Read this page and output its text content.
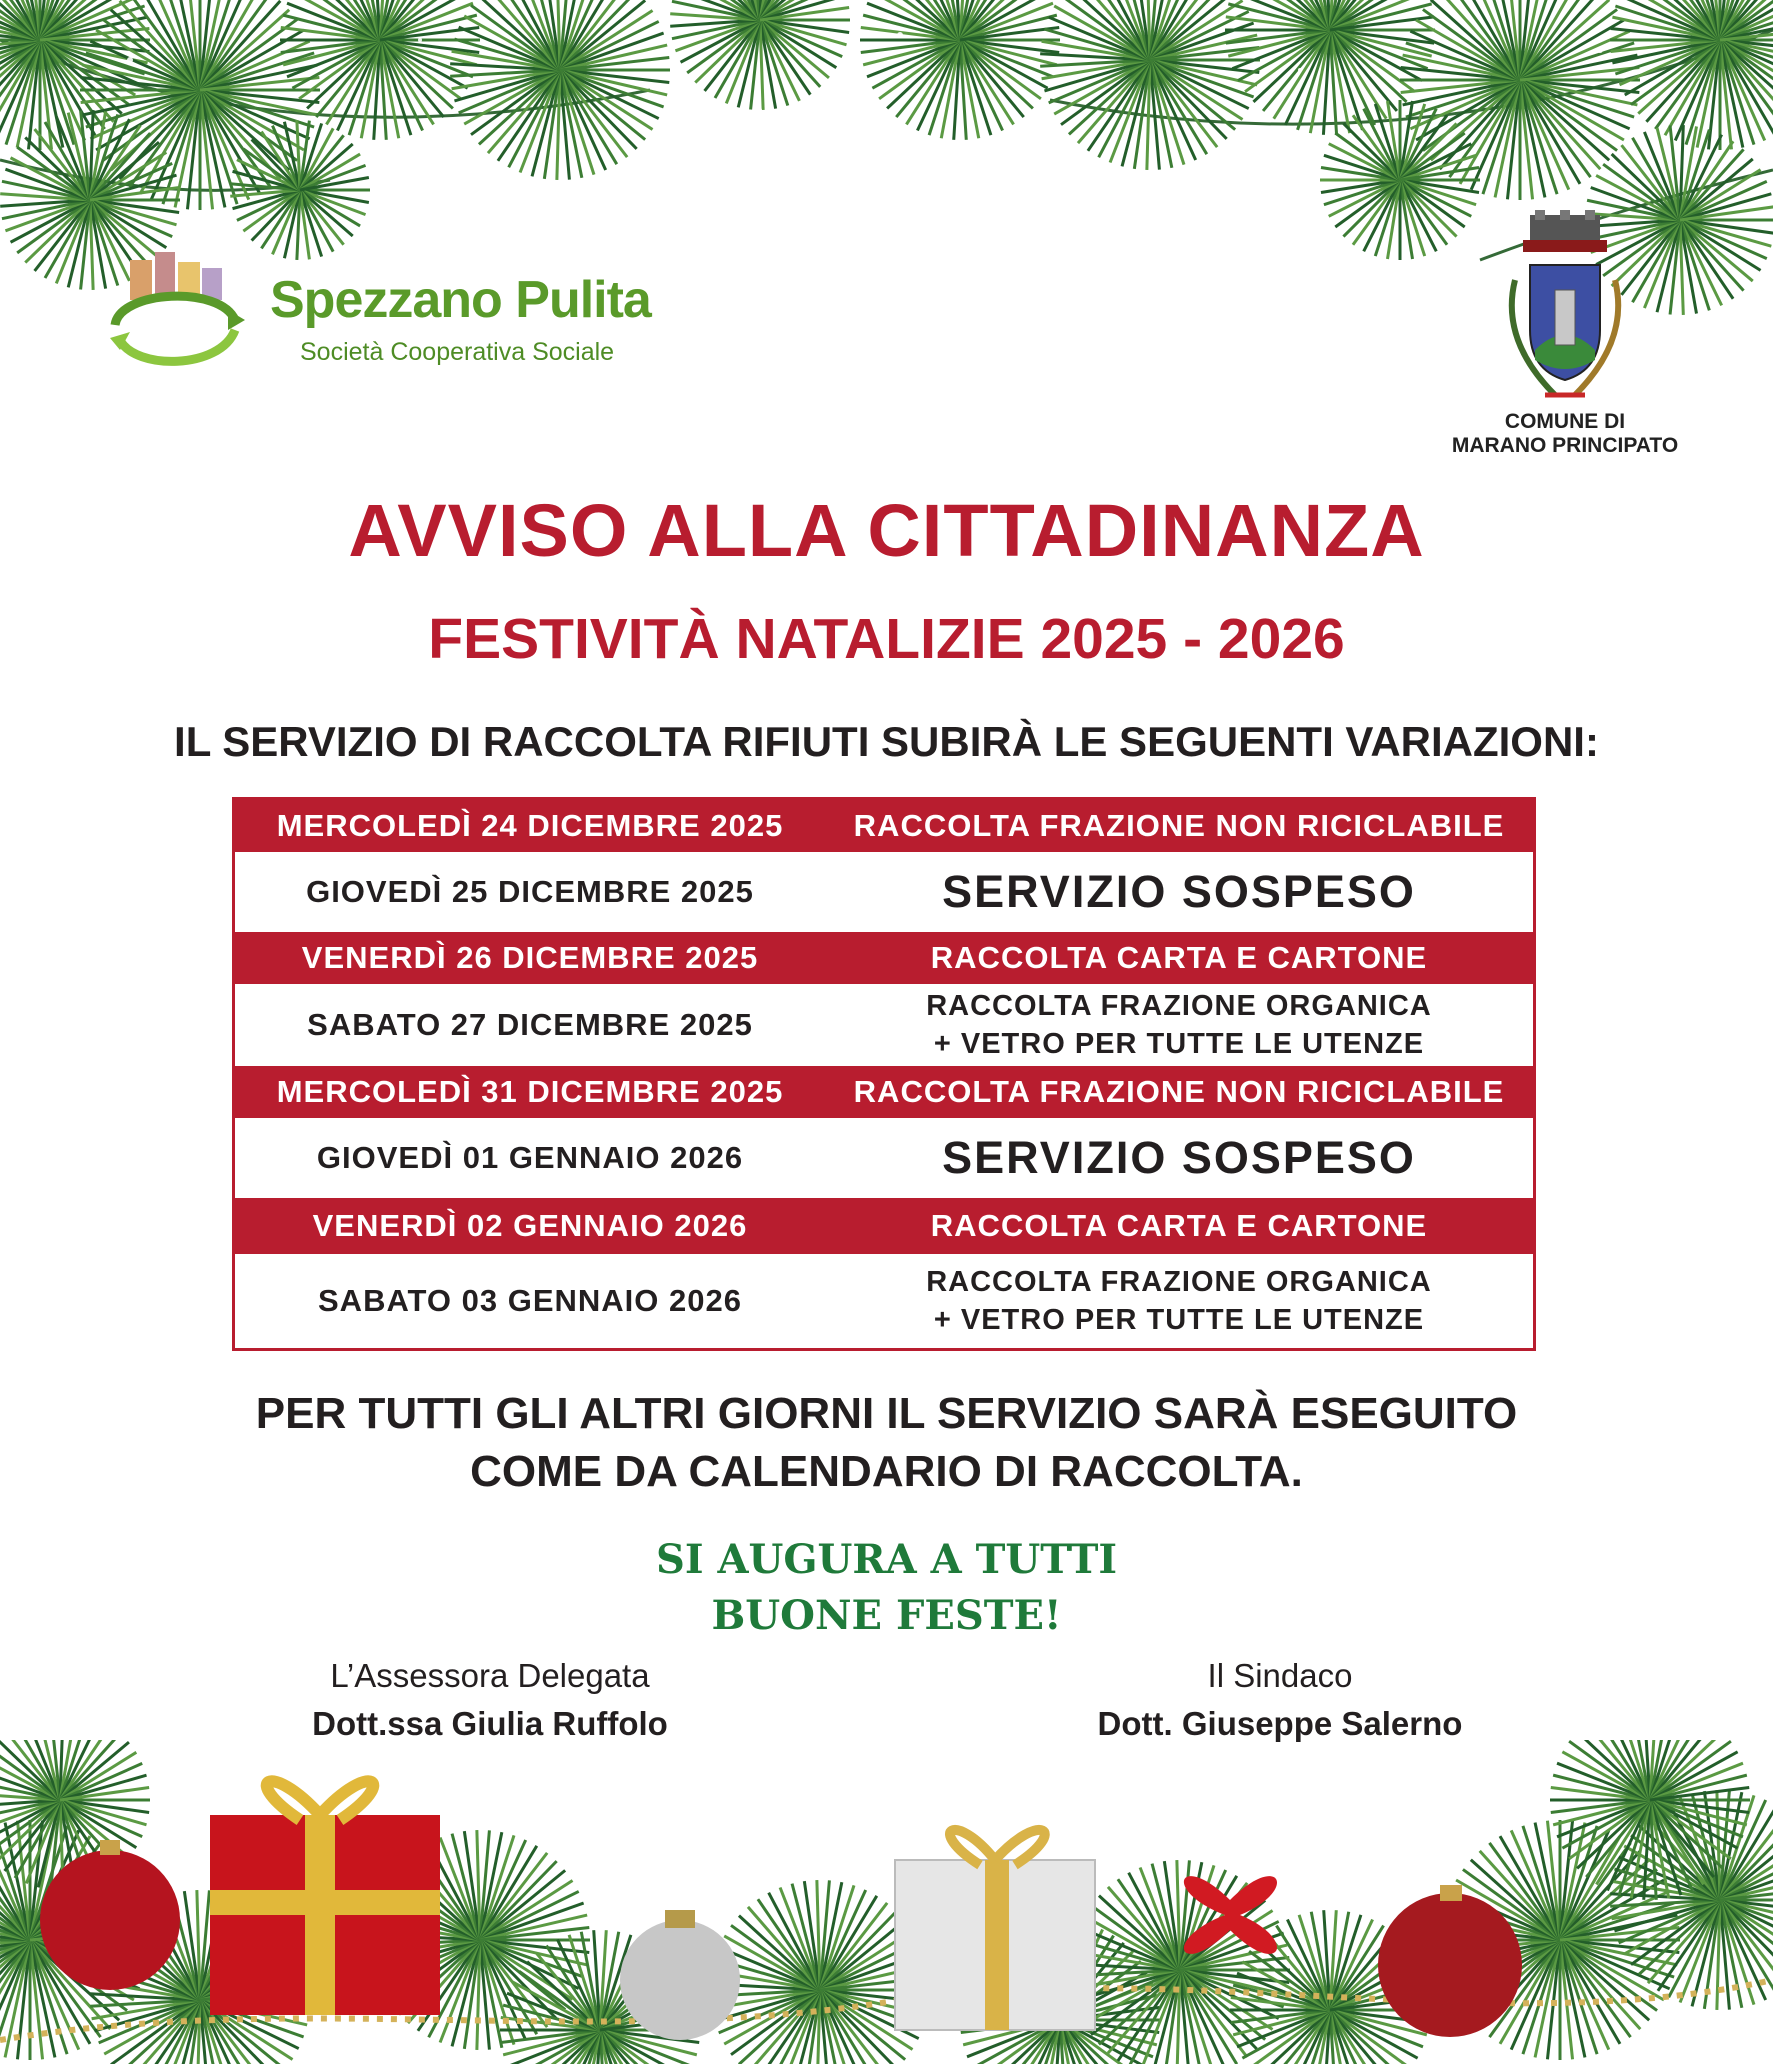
Spezzano Pulita
Società Cooperativa Sociale
COMUNE DI
MARANO PRINCIPATO
AVVISO ALLA CITTADINANZA
FESTIVITÀ NATALIZIE 2025 - 2026
IL SERVIZIO DI RACCOLTA RIFIUTI SUBIRÀ LE SEGUENTI VARIAZIONI:
MERCOLEDÌ 24 DICEMBRE 2025	RACCOLTA FRAZIONE NON RICICLABILE
GIOVEDÌ 25 DICEMBRE 2025	SERVIZIO SOSPESO
VENERDÌ 26 DICEMBRE 2025	RACCOLTA CARTA E CARTONE
SABATO 27 DICEMBRE 2025
RACCOLTA FRAZIONE ORGANICA
+ VETRO PER TUTTE LE UTENZE
MERCOLEDÌ 31 DICEMBRE 2025	RACCOLTA FRAZIONE NON RICICLABILE
GIOVEDÌ 01 GENNAIO 2026	SERVIZIO SOSPESO
VENERDÌ 02 GENNAIO 2026	RACCOLTA CARTA E CARTONE
SABATO 03 GENNAIO 2026
RACCOLTA FRAZIONE ORGANICA
+ VETRO PER TUTTE LE UTENZE
PER TUTTI GLI ALTRI GIORNI IL SERVIZIO SARÀ ESEGUITO
COME DA CALENDARIO DI RACCOLTA.
SI AUGURA A TUTTI
BUONE FESTE!
L’Assessora Delegata
Dott.ssa Giulia Ruffolo
Il Sindaco
Dott. Giuseppe Salerno
